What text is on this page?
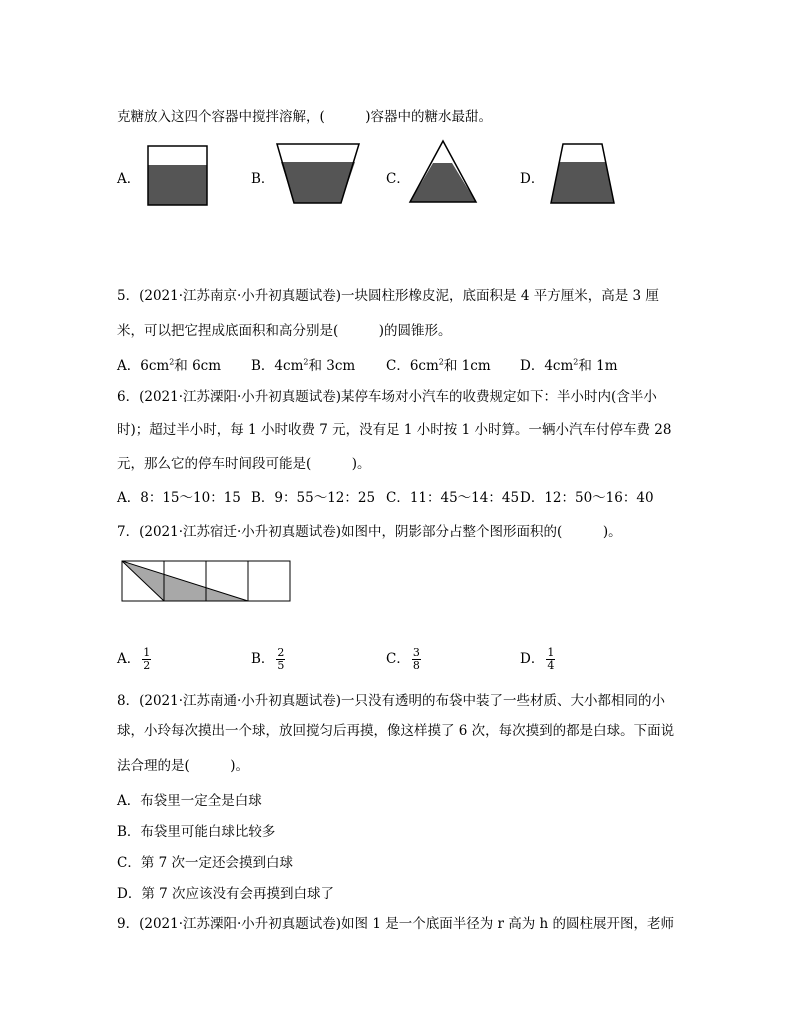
克糖放入这四个容器中搅拌溶解，(　　　)容器中的糖水最甜。
A．	B．	C．	D．
5．(2021·江苏南京·小升初真题试卷)一块圆柱形橡皮泥，底面积是 4 平方厘米，高是 3 厘
米，可以把它捏成底面积和高分别是(　　　)的圆锥形。
A．$6cm^2$和 6cm B．$4cm^2$和 3cm C．$6cm^2$和 1cm D．$4cm^2$和 1m
6．(2021·江苏溧阳·小升初真题试卷)某停车场对小汽车的收费规定如下：半小时内(含半小
时)；超过半小时，每 1 小时收费 7 元，没有足 1 小时按 1 小时算。一辆小汽车付停车费 28
元，那么它的停车时间段可能是(　　　)。
A．8：15～10：15 B．9：55～12：25 C．11：45～14：45 D．12：50～16：40
7．(2021·江苏宿迁·小升初真题试卷)如图中，阴影部分占整个图形面积的(　　　)。
A． $\frac{1}{2}$	B． $\frac{2}{5}$	C． $\frac{3}{8}$	D． $\frac{1}{4}$
8．(2021·江苏南通·小升初真题试卷)一只没有透明的布袋中装了一些材质、大小都相同的小
球，小玲每次摸出一个球，放回搅匀后再摸，像这样摸了 6 次，每次摸到的都是白球。下面说
法合理的是(　　　)。
A．布袋里一定全是白球
B．布袋里可能白球比较多
C．第 7 次一定还会摸到白球
D．第 7 次应该没有会再摸到白球了
9．(2021·江苏溧阳·小升初真题试卷)如图 1 是一个底面半径为 r 高为 h 的圆柱展开图，老师
